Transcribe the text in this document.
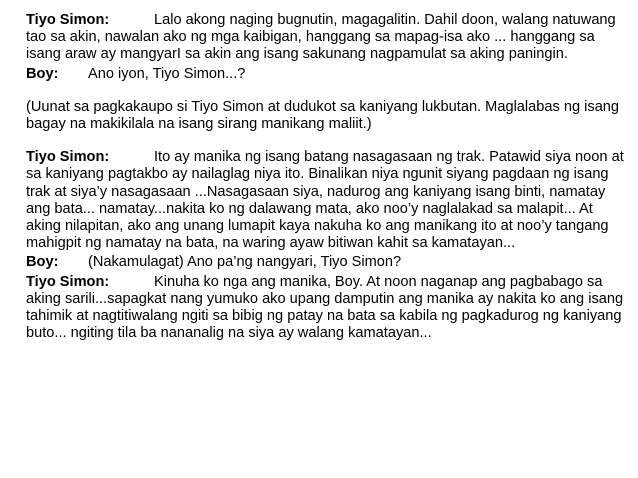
Tiyo Simon:	Lalo akong naging bugnutin, magagalitin. Dahil doon, walang natuwang tao sa akin, nawalan ako ng mga kaibigan, hanggang sa mapag-isa ako ... hanggang sa isang araw ay mangyarI sa akin ang isang sakunang nagpamulat sa aking paningin.

Boy: Ano iyon, Tiyo Simon...?

(Uunat sa pagkakaupo si Tiyo Simon at dudukot sa kaniyang lukbutan. Maglalabas ng isang bagay na makikilala na isang sirang manikang maliit.)

Tiyo Simon:	Ito ay manika ng isang batang nasagasaan ng trak. Patawid siya noon at sa kaniyang pagtakbo ay nailaglag niya ito. Binalikan niya ngunit siyang pagdaan ng isang trak at siya’y nasagasaan ...Nasagasaan siya, nadurog ang kaniyang isang binti, namatay ang bata... namatay...nakita ko ng dalawang mata, ako noo’y naglalakad sa malapit... At aking nilapitan, ako ang unang lumapit kaya nakuha ko ang manikang ito at noo’y tangang mahigpit ng namatay na bata, na waring ayaw bitiwan kahit sa kamatayan...

Boy: (Nakamulagat) Ano pa’ng nangyari, Tiyo Simon?

Tiyo Simon:	Kinuha ko nga ang manika, Boy. At noon naganap ang pagbabago sa aking sarili...sapagkat nang yumuko ako upang damputin ang manika ay nakita ko ang isang tahimik at nagtitiwalang ngiti sa bibig ng patay na bata sa kabila ng pagkadurog ng kaniyang buto... ngiting tila ba nananalig na siya ay walang kamatayan...
